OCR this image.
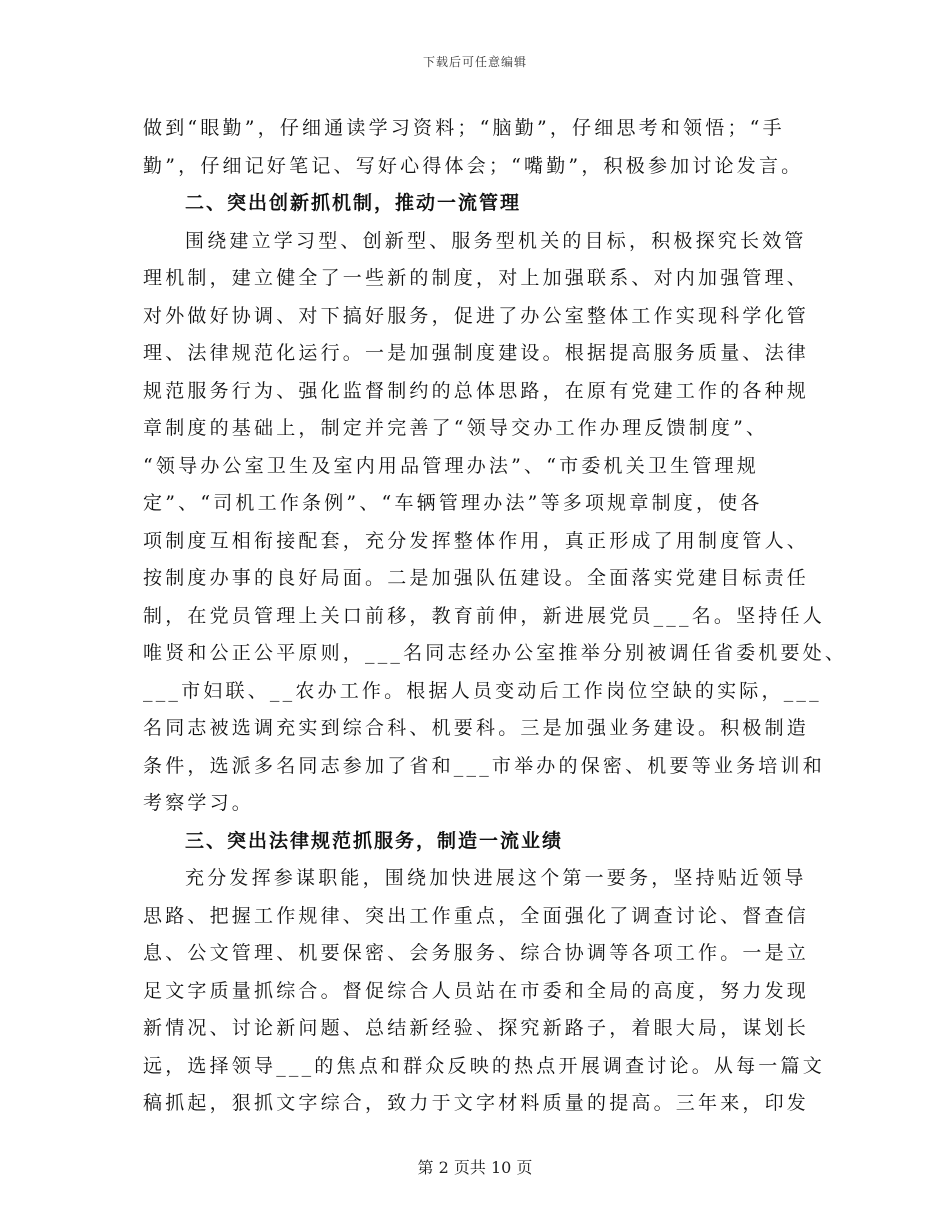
下载后可任意编辑
做到“眼勤”，仔细通读学习资料；“脑勤”，仔细思考和领悟；“手
勤”，仔细记好笔记、写好心得体会；“嘴勤”，积极参加讨论发言。
二、突出创新抓机制，推动一流管理
围绕建立学习型、创新型、服务型机关的目标，积极探究长效管
理机制，建立健全了一些新的制度，对上加强联系、对内加强管理、
对外做好协调、对下搞好服务，促进了办公室整体工作实现科学化管
理、法律规范化运行。一是加强制度建设。根据提高服务质量、法律
规范服务行为、强化监督制约的总体思路，在原有党建工作的各种规
章制度的基础上，制定并完善了“领导交办工作办理反馈制度”、
“领导办公室卫生及室内用品管理办法”、“市委机关卫生管理规
定”、“司机工作条例”、“车辆管理办法”等多项规章制度，使各
项制度互相衔接配套，充分发挥整体作用，真正形成了用制度管人、
按制度办事的良好局面。二是加强队伍建设。全面落实党建目标责任
制，在党员管理上关口前移，教育前伸，新进展党员___名。坚持任人
唯贤和公正公平原则，___名同志经办公室推举分别被调任省委机要处、
___市妇联、__农办工作。根据人员变动后工作岗位空缺的实际，___
名同志被选调充实到综合科、机要科。三是加强业务建设。积极制造
条件，选派多名同志参加了省和___市举办的保密、机要等业务培训和
考察学习。
三、突出法律规范抓服务，制造一流业绩
充分发挥参谋职能，围绕加快进展这个第一要务，坚持贴近领导
思路、把握工作规律、突出工作重点，全面强化了调查讨论、督查信
息、公文管理、机要保密、会务服务、综合协调等各项工作。一是立
足文字质量抓综合。督促综合人员站在市委和全局的高度，努力发现
新情况、讨论新问题、总结新经验、探究新路子，着眼大局，谋划长
远，选择领导___的焦点和群众反映的热点开展调查讨论。从每一篇文
稿抓起，狠抓文字综合，致力于文字材料质量的提高。三年来，印发
第 2 页共 10 页
